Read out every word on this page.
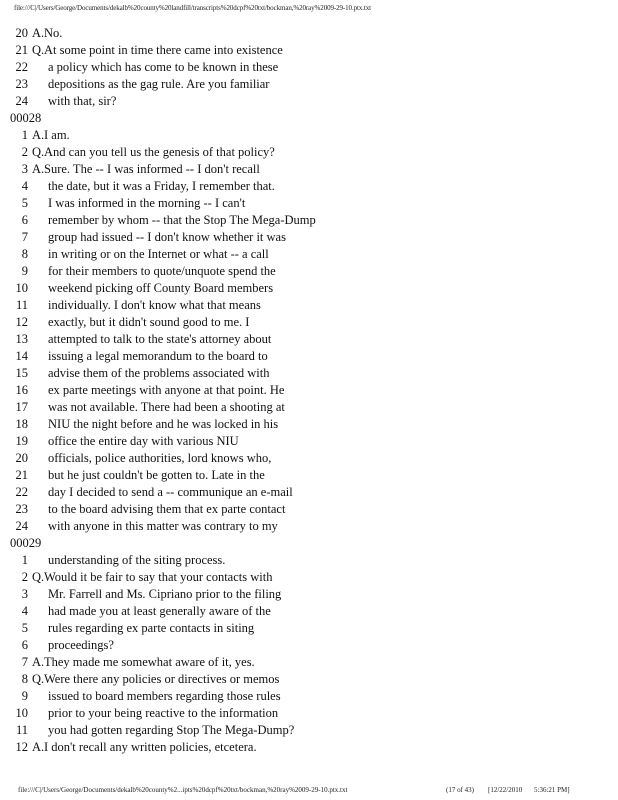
file:///C|/Users/George/Documents/dekalb%20county%20landfill/transcripts%20dcpf%20txt/bockman,%20ray%2009-29-10.ptx.txt
20 A. No.
21 Q. At some point in time there came into existence
22	a policy which has come to be known in these
23	depositions as the gag rule. Are you familiar
24	with that, sir?
00028
1 A. I am.
2 Q. And can you tell us the genesis of that policy?
3 A. Sure. The -- I was informed -- I don't recall
4	the date, but it was a Friday, I remember that.
5	I was informed in the morning -- I can't
6	remember by whom -- that the Stop The Mega-Dump
7	group had issued -- I don't know whether it was
8	in writing or on the Internet or what -- a call
9	for their members to quote/unquote spend the
10	weekend picking off County Board members
11	individually. I don't know what that means
12	exactly, but it didn't sound good to me. I
13	attempted to talk to the state's attorney about
14	issuing a legal memorandum to the board to
15	advise them of the problems associated with
16	ex parte meetings with anyone at that point. He
17	was not available. There had been a shooting at
18	NIU the night before and he was locked in his
19	office the entire day with various NIU
20	officials, police authorities, lord knows who,
21	but he just couldn't be gotten to. Late in the
22	day I decided to send a -- communique an e-mail
23	to the board advising them that ex parte contact
24	with anyone in this matter was contrary to my
00029
1	understanding of the siting process.
2 Q. Would it be fair to say that your contacts with
3	Mr. Farrell and Ms. Cipriano prior to the filing
4	had made you at least generally aware of the
5	rules regarding ex parte contacts in siting
6	proceedings?
7 A. They made me somewhat aware of it, yes.
8 Q. Were there any policies or directives or memos
9	issued to board members regarding those rules
10	prior to your being reactive to the information
11	you had gotten regarding Stop The Mega-Dump?
12 A. I don't recall any written policies, etcetera.
file:///C|/Users/George/Documents/dekalb%20county%2...ipts%20dcpf%20txt/bockman,%20ray%2009-29-10.ptx.txt	(17 of 43) [12/22/2010 5:36:21 PM]
